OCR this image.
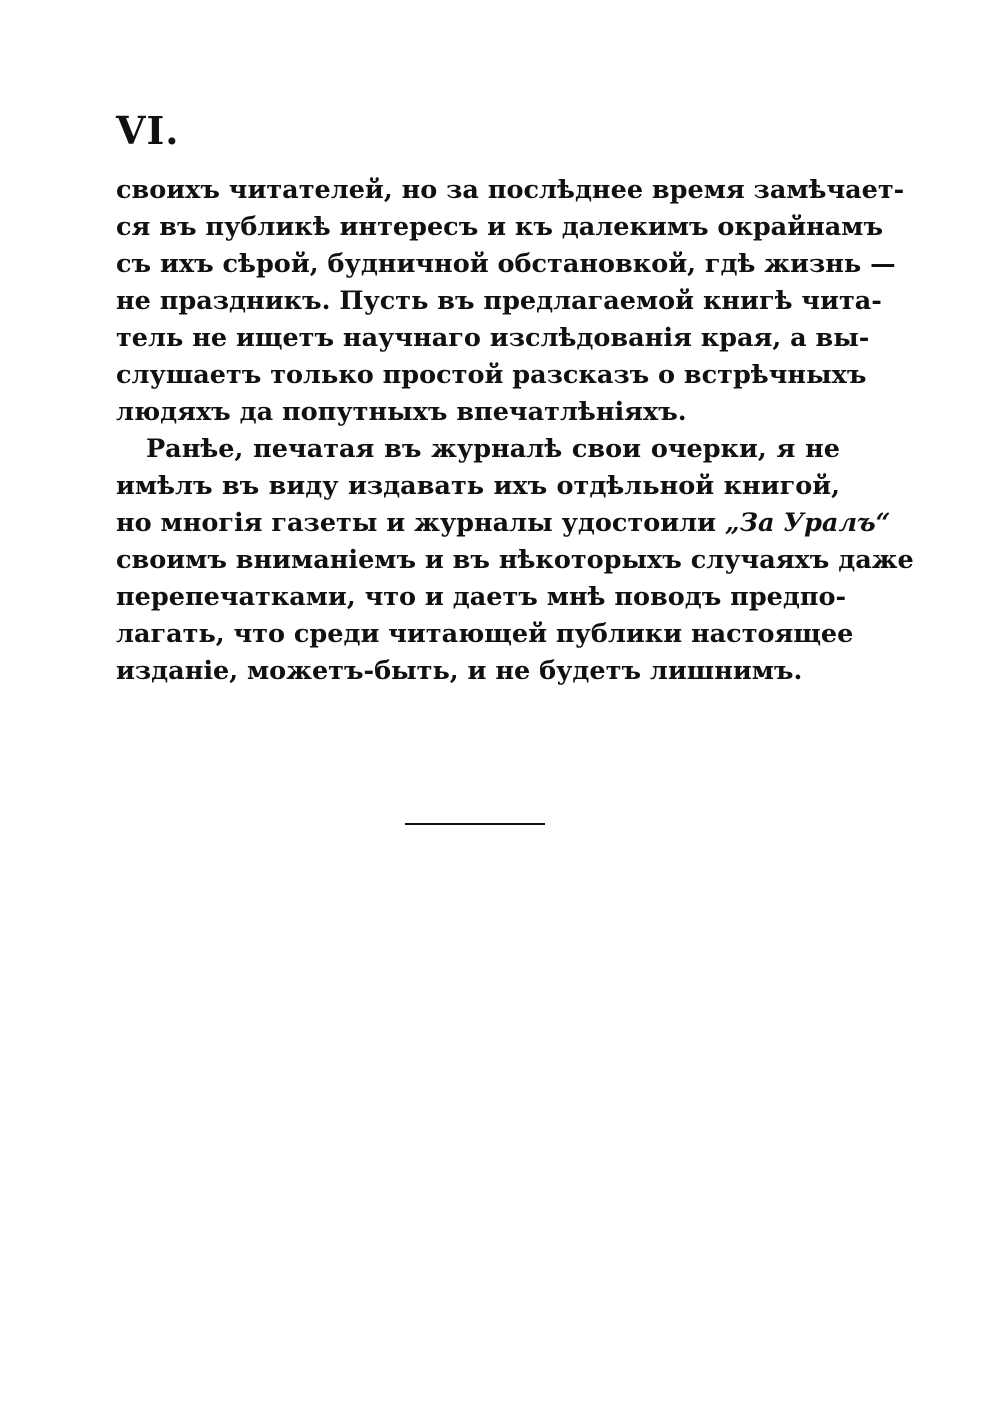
VI.
своихъ читателей, но за послѣднее время замѣчает-
ся въ публикѣ интересъ и къ далекимъ окрайнамъ
съ ихъ сѣрой, будничной обстановкой, гдѣ жизнь —
не праздникъ. Пусть въ предлагаемой книгѣ чита-
тель не ищетъ научнаго изслѣдованія края, а вы-
слушаетъ только простой разсказъ о встрѣчныхъ
людяхъ да попутныхъ впечатлѣніяхъ.
Ранѣе, печатая въ журналѣ свои очерки, я не
имѣлъ въ виду издавать ихъ отдѣльной книгой,
но многія газеты и журналы удостоили „За Уралъ“
своимъ вниманіемъ и въ нѣкоторыхъ случаяхъ даже
перепечатками, что и даетъ мнѣ поводъ предпо-
лагать, что среди читающей публики настоящее
изданіе, можетъ-быть, и не будетъ лишнимъ.
